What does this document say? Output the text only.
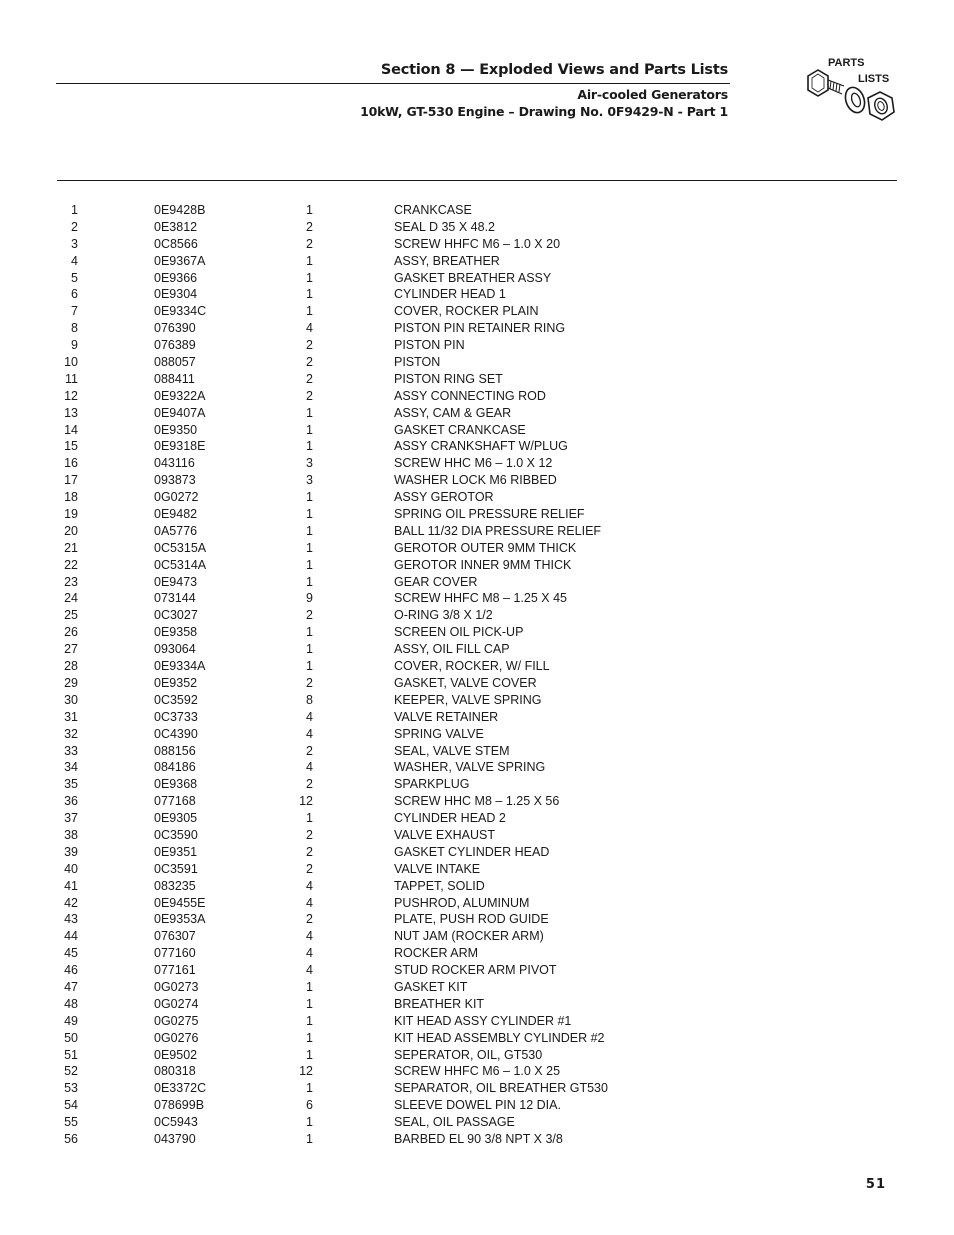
Section 8 — Exploded Views and Parts Lists
Air-cooled Generators
10kW, GT-530 Engine – Drawing No. 0F9429-N - Part 1
PARTS
LISTS
1	0E9428B	1	CRANKCASE
2	0E3812	2	SEAL D 35 X 48.2
3	0C8566	2	SCREW HHFC M6 – 1.0 X 20
4	0E9367A	1	ASSY, BREATHER
5	0E9366	1	GASKET BREATHER ASSY
6	0E9304	1	CYLINDER HEAD 1
7	0E9334C	1	COVER, ROCKER PLAIN
8	076390	4	PISTON PIN RETAINER RING
9	076389	2	PISTON PIN
10	088057	2	PISTON
11	088411	2	PISTON RING SET
12	0E9322A	2	ASSY CONNECTING ROD
13	0E9407A	1	ASSY, CAM & GEAR
14	0E9350	1	GASKET CRANKCASE
15	0E9318E	1	ASSY CRANKSHAFT W/PLUG
16	043116	3	SCREW HHC M6 – 1.0 X 12
17	093873	3	WASHER LOCK M6 RIBBED
18	0G0272	1	ASSY GEROTOR
19	0E9482	1	SPRING OIL PRESSURE RELIEF
20	0A5776	1	BALL 11/32 DIA PRESSURE RELIEF
21	0C5315A	1	GEROTOR OUTER 9MM THICK
22	0C5314A	1	GEROTOR INNER 9MM THICK
23	0E9473	1	GEAR COVER
24	073144	9	SCREW HHFC M8 – 1.25 X 45
25	0C3027	2	O-RING 3/8 X 1/2
26	0E9358	1	SCREEN OIL PICK-UP
27	093064	1	ASSY, OIL FILL CAP
28	0E9334A	1	COVER, ROCKER, W/ FILL
29	0E9352	2	GASKET, VALVE COVER
30	0C3592	8	KEEPER, VALVE SPRING
31	0C3733	4	VALVE RETAINER
32	0C4390	4	SPRING VALVE
33	088156	2	SEAL, VALVE STEM
34	084186	4	WASHER, VALVE SPRING
35	0E9368	2	SPARKPLUG
36	077168	12	SCREW HHC M8 – 1.25 X 56
37	0E9305	1	CYLINDER HEAD 2
38	0C3590	2	VALVE EXHAUST
39	0E9351	2	GASKET CYLINDER HEAD
40	0C3591	2	VALVE INTAKE
41	083235	4	TAPPET, SOLID
42	0E9455E	4	PUSHROD, ALUMINUM
43	0E9353A	2	PLATE, PUSH ROD GUIDE
44	076307	4	NUT JAM (ROCKER ARM)
45	077160	4	ROCKER ARM
46	077161	4	STUD ROCKER ARM PIVOT
47	0G0273	1	GASKET KIT
48	0G0274	1	BREATHER KIT
49	0G0275	1	KIT HEAD ASSY CYLINDER #1
50	0G0276	1	KIT HEAD ASSEMBLY CYLINDER #2
51	0E9502	1	SEPERATOR, OIL, GT530
52	080318	12	SCREW HHFC M6 – 1.0 X 25
53	0E3372C	1	SEPARATOR, OIL BREATHER GT530
54	078699B	6	SLEEVE DOWEL PIN 12 DIA.
55	0C5943	1	SEAL, OIL PASSAGE
56	043790	1	BARBED EL 90 3/8 NPT X 3/8
51
